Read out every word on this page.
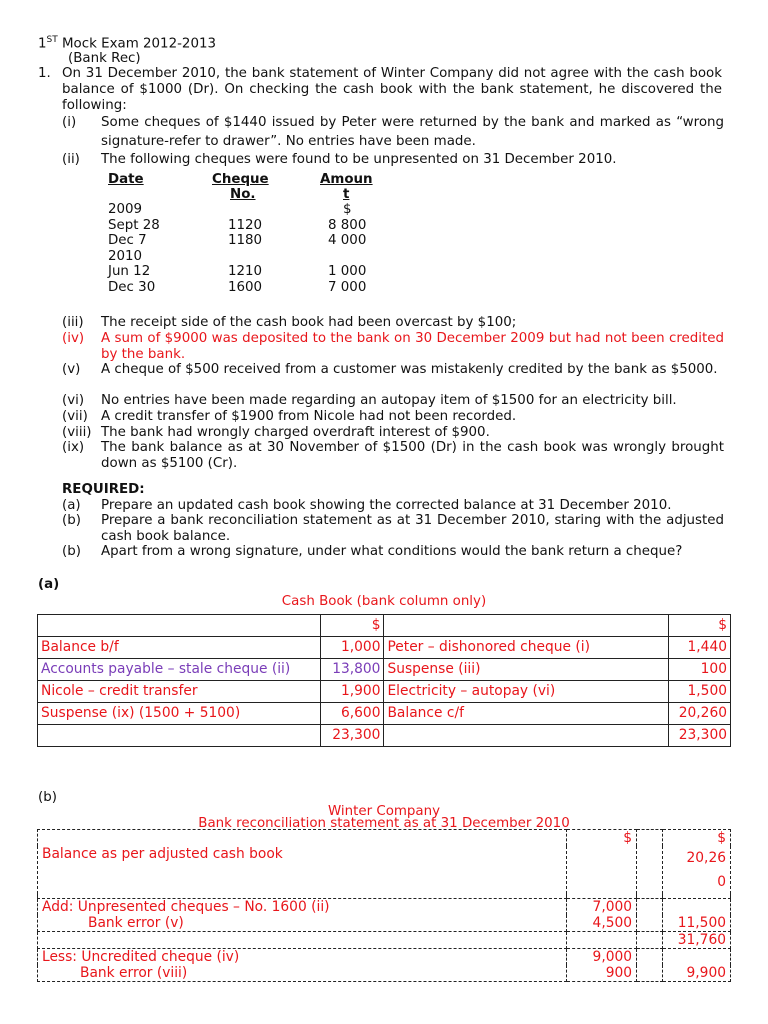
1ST Mock Exam 2012-2013
(Bank Rec)
1. On 31 December 2010, the bank statement of Winter Company did not agree with the cash book balance of $1000 (Dr). On checking the cash book with the bank statement, he discovered the following:
(i) Some cheques of $1440 issued by Peter were returned by the bank and marked as “wrong signature-refer to drawer”. No entries have been made.
(ii) The following cheques were found to be unpresented on 31 December 2010.
Date	Cheque
No.
Amoun
t
2009	$
Sept 28	1120	8 800
Dec 7	1180	4 000
2010
Jun 12	1210	1 000
Dec 30	1600	7 000
(iii) The receipt side of the cash book had been overcast by $100;
(iv) A sum of $9000 was deposited to the bank on 30 December 2009 but had not been credited by the bank.
(v) A cheque of $500 received from a customer was mistakenly credited by the bank as $5000.
(vi) No entries have been made regarding an autopay item of $1500 for an electricity bill.
(vii) A credit transfer of $1900 from Nicole had not been recorded.
(viii) The bank had wrongly charged overdraft interest of $900.
(ix) The bank balance as at 30 November of $1500 (Dr) in the cash book was wrongly brought down as $5100 (Cr).
REQUIRED:
(a) Prepare an updated cash book showing the corrected balance at 31 December 2010.
(b) Prepare a bank reconciliation statement as at 31 December 2010, staring with the adjusted cash book balance.
(b) Apart from a wrong signature, under what conditions would the bank return a cheque?
(a)
Cash Book (bank column only)
	$		$
Balance b/f	1,000	Peter – dishonored cheque (i)	1,440
Accounts payable – stale cheque (ii)	13,800	Suspense (iii)	100
Nicole – credit transfer	1,900	Electricity – autopay (vi)	1,500
Suspense (ix) (1500 + 5100)	6,600	Balance c/f	20,260
	23,300		23,300
(b)
Winter Company
Bank reconciliation statement as at 31 December 2010
	$		$
Balance as per adjusted cash book			20,260

Add: Unpresented cheques – No. 1600 (ii)	7,000		
Bank error (v)	4,500		11,500
			31,760
Less: Uncredited cheque (iv)	9,000		
Bank error (viii)	900		9,900
